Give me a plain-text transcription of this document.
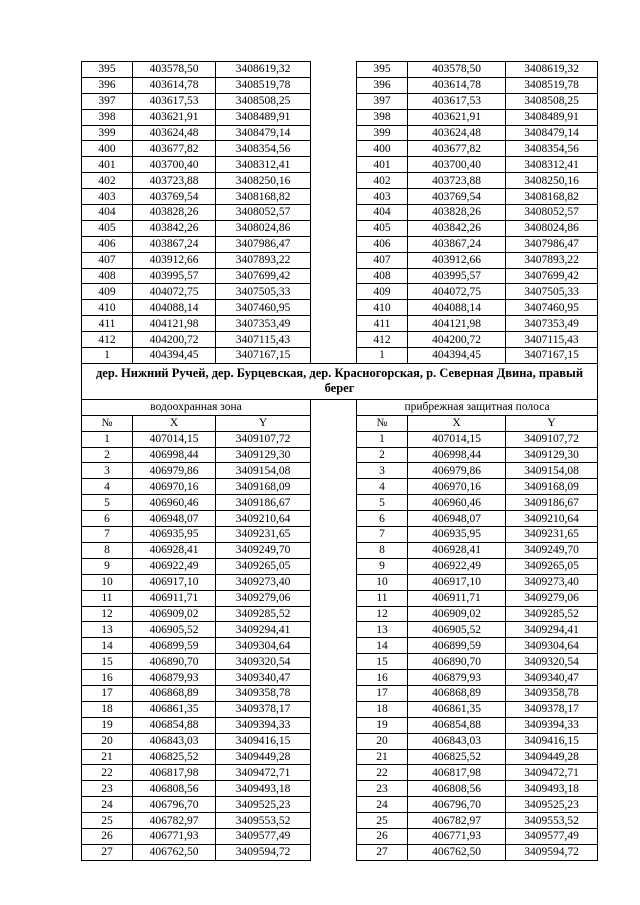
395	403578,50	3408619,32		395	403578,50	3408619,32
396	403614,78	3408519,78		396	403614,78	3408519,78
397	403617,53	3408508,25		397	403617,53	3408508,25
398	403621,91	3408489,91		398	403621,91	3408489,91
399	403624,48	3408479,14		399	403624,48	3408479,14
400	403677,82	3408354,56		400	403677,82	3408354,56
401	403700,40	3408312,41		401	403700,40	3408312,41
402	403723,88	3408250,16		402	403723,88	3408250,16
403	403769,54	3408168,82		403	403769,54	3408168,82
404	403828,26	3408052,57		404	403828,26	3408052,57
405	403842,26	3408024,86		405	403842,26	3408024,86
406	403867,24	3407986,47		406	403867,24	3407986,47
407	403912,66	3407893,22		407	403912,66	3407893,22
408	403995,57	3407699,42		408	403995,57	3407699,42
409	404072,75	3407505,33		409	404072,75	3407505,33
410	404088,14	3407460,95		410	404088,14	3407460,95
411	404121,98	3407353,49		411	404121,98	3407353,49
412	404200,72	3407115,43		412	404200,72	3407115,43
1	404394,45	3407167,15		1	404394,45	3407167,15
дер. Нижний Ручей, дер. Бурцевская, дер. Красногорская, р. Северная Двина, правый берег						
водоохранная зона				прибрежная защитная полоса		
№	X	Y		№	X	Y
1	407014,15	3409107,72		1	407014,15	3409107,72
2	406998,44	3409129,30		2	406998,44	3409129,30
3	406979,86	3409154,08		3	406979,86	3409154,08
4	406970,16	3409168,09		4	406970,16	3409168,09
5	406960,46	3409186,67		5	406960,46	3409186,67
6	406948,07	3409210,64		6	406948,07	3409210,64
7	406935,95	3409231,65		7	406935,95	3409231,65
8	406928,41	3409249,70		8	406928,41	3409249,70
9	406922,49	3409265,05		9	406922,49	3409265,05
10	406917,10	3409273,40		10	406917,10	3409273,40
11	406911,71	3409279,06		11	406911,71	3409279,06
12	406909,02	3409285,52		12	406909,02	3409285,52
13	406905,52	3409294,41		13	406905,52	3409294,41
14	406899,59	3409304,64		14	406899,59	3409304,64
15	406890,70	3409320,54		15	406890,70	3409320,54
16	406879,93	3409340,47		16	406879,93	3409340,47
17	406868,89	3409358,78		17	406868,89	3409358,78
18	406861,35	3409378,17		18	406861,35	3409378,17
19	406854,88	3409394,33		19	406854,88	3409394,33
20	406843,03	3409416,15		20	406843,03	3409416,15
21	406825,52	3409449,28		21	406825,52	3409449,28
22	406817,98	3409472,71		22	406817,98	3409472,71
23	406808,56	3409493,18		23	406808,56	3409493,18
24	406796,70	3409525,23		24	406796,70	3409525,23
25	406782,97	3409553,52		25	406782,97	3409553,52
26	406771,93	3409577,49		26	406771,93	3409577,49
27	406762,50	3409594,72		27	406762,50	3409594,72
